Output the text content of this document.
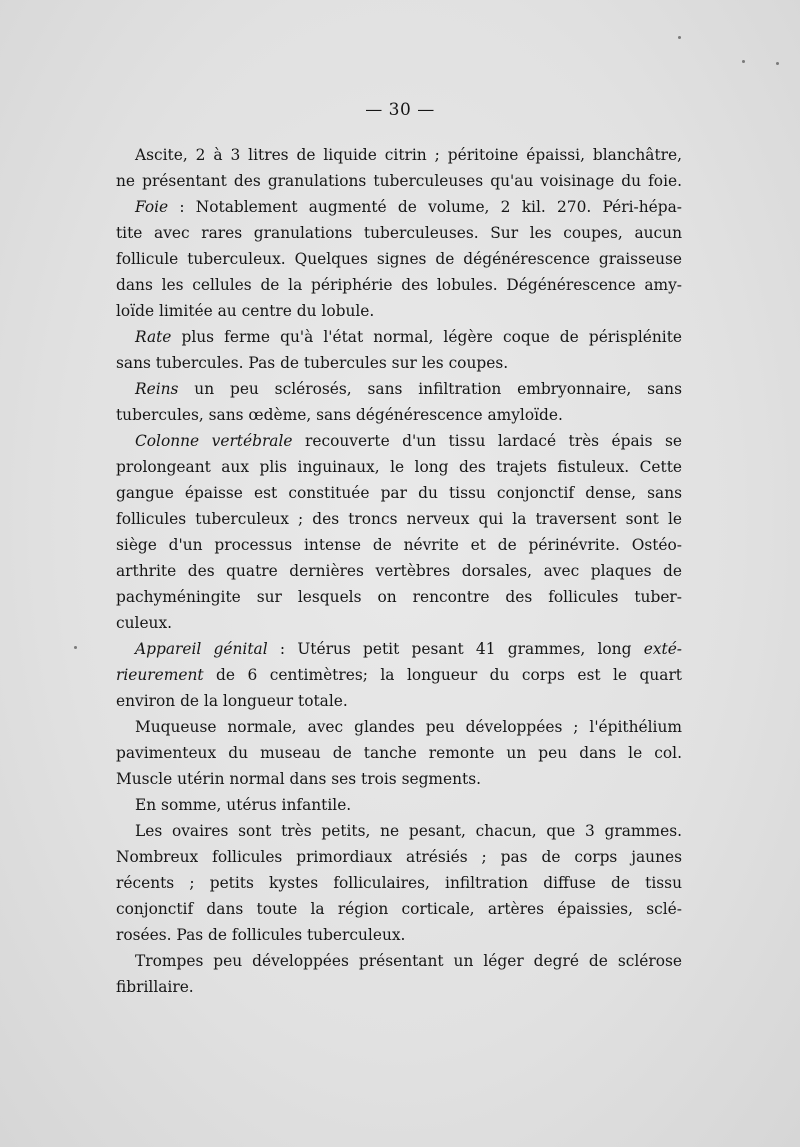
— 30 —
Ascite, 2 à 3 litres de liquide citrin ; péritoine épaissi, blanchâtre,
ne présentant des granulations tuberculeuses qu'au voisinage du foie.
Foie : Notablement augmenté de volume, 2 kil. 270. Péri-hépa-
tite avec rares granulations tuberculeuses. Sur les coupes, aucun
follicule tuberculeux. Quelques signes de dégénérescence graisseuse
dans les cellules de la périphérie des lobules. Dégénérescence amy-
loïde limitée au centre du lobule.
Rate plus ferme qu'à l'état normal, légère coque de périsplénite
sans tubercules. Pas de tubercules sur les coupes.
Reins un peu sclérosés, sans infiltration embryonnaire, sans
tubercules, sans œdème, sans dégénérescence amyloïde.
Colonne vertébrale recouverte d'un tissu lardacé très épais se
prolongeant aux plis inguinaux, le long des trajets fistuleux. Cette
gangue épaisse est constituée par du tissu conjonctif dense, sans
follicules tuberculeux ; des troncs nerveux qui la traversent sont le
siège d'un processus intense de névrite et de périnévrite. Ostéo-
arthrite des quatre dernières vertèbres dorsales, avec plaques de
pachyméningite sur lesquels on rencontre des follicules tuber-
culeux.
Appareil génital : Utérus petit pesant 41 grammes, long exté-
rieurement de 6 centimètres; la longueur du corps est le quart
environ de la longueur totale.
Muqueuse normale, avec glandes peu développées ; l'épithélium
pavimenteux du museau de tanche remonte un peu dans le col.
Muscle utérin normal dans ses trois segments.
En somme, utérus infantile.
Les ovaires sont très petits, ne pesant, chacun, que 3 grammes.
Nombreux follicules primordiaux atrésiés ; pas de corps jaunes
récents ; petits kystes folliculaires, infiltration diffuse de tissu
conjonctif dans toute la région corticale, artères épaissies, sclé-
rosées. Pas de follicules tuberculeux.
Trompes peu développées présentant un léger degré de sclérose
fibrillaire.
